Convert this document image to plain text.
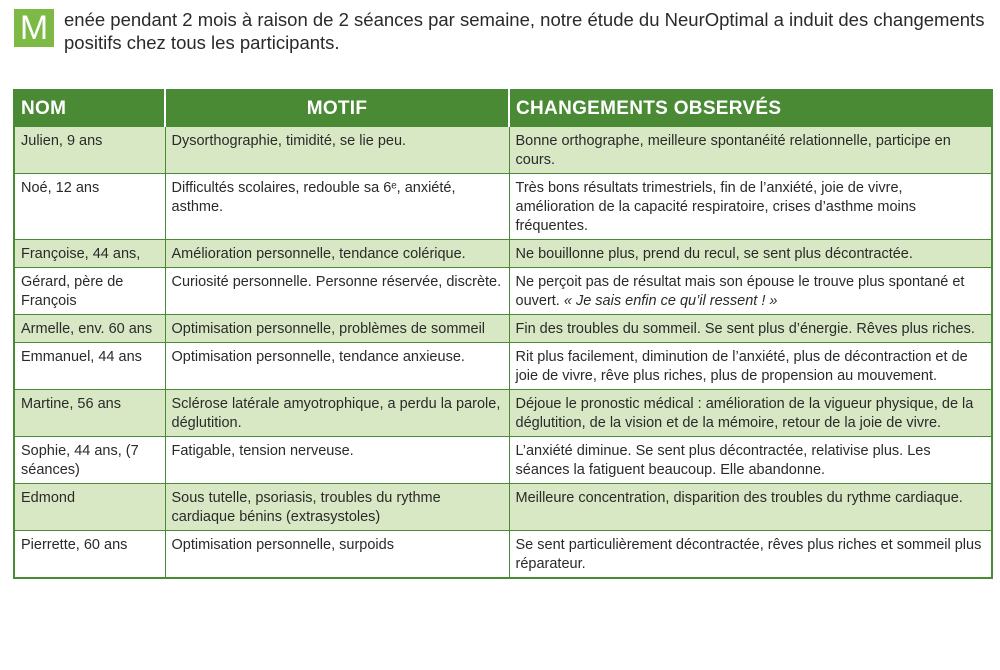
M enée pendant 2 mois à raison de 2 séances par semaine, notre étude du NeurOptimal a induit des changements positifs chez tous les participants.
NOM	MOTIF	CHANGEMENTS OBSERVÉS
Julien, 9 ans	Dysorthographie, timidité, se lie peu.	Bonne orthographe, meilleure spontanéité relationnelle, participe en cours.
Noé, 12 ans	Difficultés scolaires, redouble sa 6ᵉ, anxiété, asthme.	Très bons résultats trimestriels, fin de l’anxiété, joie de vivre, amélioration de la capacité respiratoire, crises d’asthme moins fréquentes.
Françoise, 44 ans,	Amélioration personnelle, tendance colérique.	Ne bouillonne plus, prend du recul, se sent plus décontractée.
Gérard, père de François	Curiosité personnelle. Personne réservée, discrète.	Ne perçoit pas de résultat mais son épouse le trouve plus spontané et ouvert. « Je sais enfin ce qu’il ressent ! »
Armelle, env. 60 ans	Optimisation personnelle, problèmes de sommeil	Fin des troubles du sommeil. Se sent plus d’énergie. Rêves plus riches.
Emmanuel, 44 ans	Optimisation personnelle, tendance anxieuse.	Rit plus facilement, diminution de l’anxiété, plus de décontraction et de joie de vivre, rêve plus riches, plus de propension au mouvement.
Martine, 56 ans	Sclérose latérale amyotrophique, a perdu la parole, déglutition.	Déjoue le pronostic médical : amélioration de la vigueur physique, de la déglutition, de la vision et de la mémoire, retour de la joie de vivre.
Sophie, 44 ans, (7 séances)	Fatigable, tension nerveuse.	L’anxiété diminue. Se sent plus décontractée, relativise plus. Les séances la fatiguent beaucoup. Elle abandonne.
Edmond	Sous tutelle, psoriasis, troubles du rythme cardiaque bénins (extrasystoles)	Meilleure concentration, disparition des troubles du rythme cardiaque.
Pierrette, 60 ans	Optimisation personnelle, surpoids	Se sent particulièrement décontractée, rêves plus riches et sommeil plus réparateur.
